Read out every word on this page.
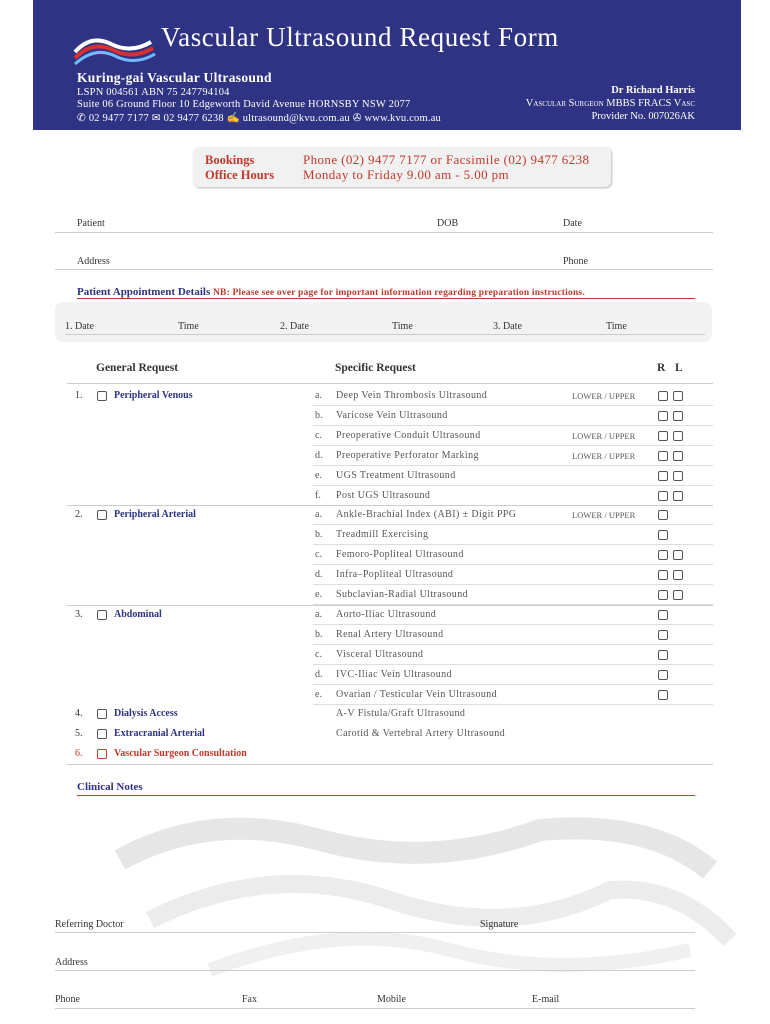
Vascular Ultrasound Request Form
Kuring-gai Vascular Ultrasound
LSPN 004561 ABN 75 247794104
Suite 06 Ground Floor 10 Edgeworth David Avenue HORNSBY NSW 2077
✆ 02 9477 7177 ✉ 02 9477 6238 ✍ ultrasound@kvu.com.au ✇ www.kvu.com.au
Dr Richard Harris
Vascular Surgeon MBBS FRACS Vasc
Provider No. 007026AK
Bookings
Office Hours
Phone (02) 9477 7177 or Facsimile (02) 9477 6238
Monday to Friday 9.00 am - 5.00 pm
Patient	DOB	Date
Address	Phone
Patient Appointment Details NB: Please see over page for important information regarding preparation instructions.
1. Date	Time	2. Date	Time	3. Date	Time
General Request	Specific Request	R L
1.	Peripheral Venous	a. Deep Vein Thrombosis Ultrasound	LOWER / UPPER
b. Varicose Vein Ultrasound
c. Preoperative Conduit Ultrasound	LOWER / UPPER
d. Preoperative Perforator Marking	LOWER / UPPER
e. UGS Treatment Ultrasound
f. Post UGS Ultrasound
2.	Peripheral Arterial	a. Ankle-Brachial Index (ABI) ± Digit PPG	LOWER / UPPER
b. Treadmill Exercising
c. Femoro-Popliteal Ultrasound
d. Infra–Popliteal Ultrasound
e. Subclavian-Radial Ultrasound
3.	Abdominal	a. Aorto-Iliac Ultrasound
b. Renal Artery Ultrasound
c. Visceral Ultrasound
d. IVC-Iliac Vein Ultrasound
e. Ovarian / Testicular Vein Ultrasound
4.	Dialysis Access	A-V Fistula/Graft Ultrasound
5.	Extracranial Arterial	Carotid & Vertebral Artery Ultrasound
6.	Vascular Surgeon Consultation
Clinical Notes
Referring Doctor	Signature
Address
Phone	Fax	Mobile	E-mail
